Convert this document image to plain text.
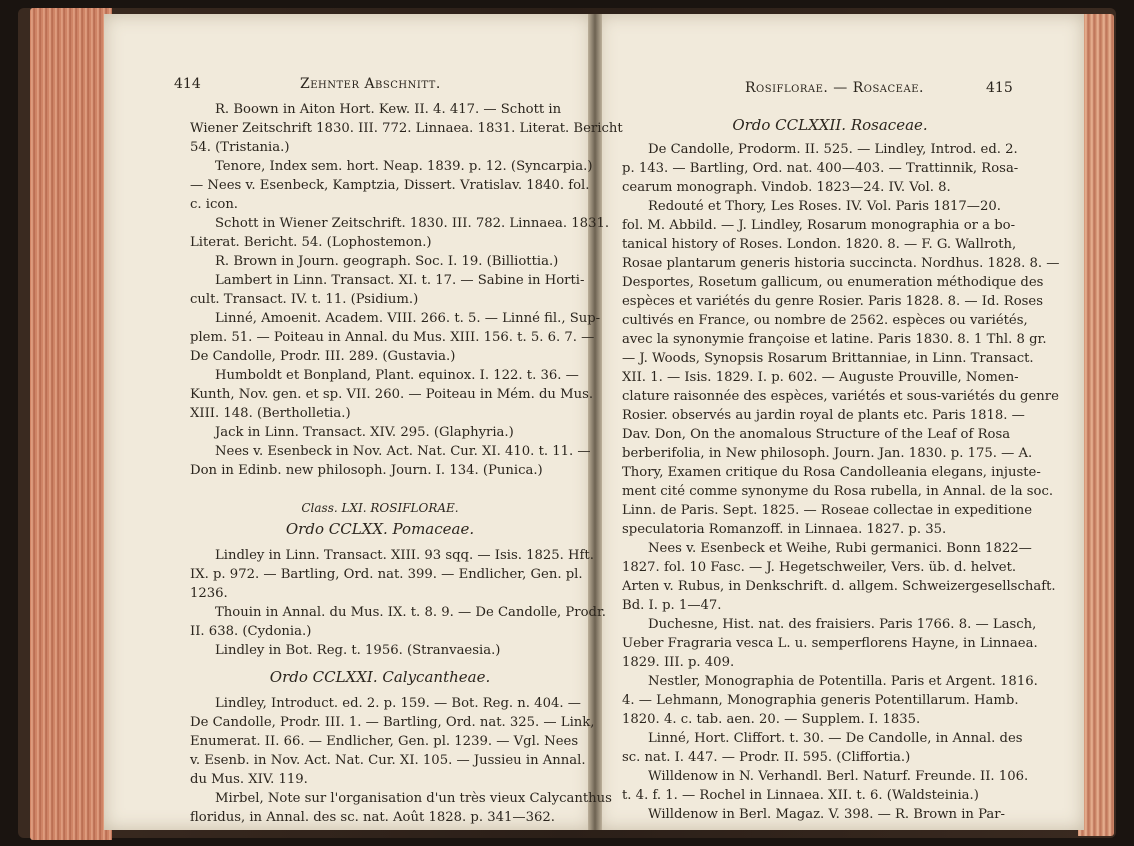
414	Zehnter Abschnitt.
R. Boown in Aiton Hort. Kew. II. 4. 417. — Schott in
Wiener Zeitschrift 1830. III. 772. Linnaea. 1831. Literat. Bericht
54. (Tristania.)
Tenore, Index sem. hort. Neap. 1839. p. 12. (Syncarpia.)
— Nees v. Esenbeck, Kamptzia, Dissert. Vratislav. 1840. fol.
c. icon.
Schott in Wiener Zeitschrift. 1830. III. 782. Linnaea. 1831.
Literat. Bericht. 54. (Lophostemon.)
R. Brown in Journ. geograph. Soc. I. 19. (Billiottia.)
Lambert in Linn. Transact. XI. t. 17. — Sabine in Horti-
cult. Transact. IV. t. 11. (Psidium.)
Linné, Amoenit. Academ. VIII. 266. t. 5. — Linné fil., Sup-
plem. 51. — Poiteau in Annal. du Mus. XIII. 156. t. 5. 6. 7. —
De Candolle, Prodr. III. 289. (Gustavia.)
Humboldt et Bonpland, Plant. equinox. I. 122. t. 36. —
Kunth, Nov. gen. et sp. VII. 260. — Poiteau in Mém. du Mus.
XIII. 148. (Bertholletia.)
Jack in Linn. Transact. XIV. 295. (Glaphyria.)
Nees v. Esenbeck in Nov. Act. Nat. Cur. XI. 410. t. 11. —
Don in Edinb. new philosoph. Journ. I. 134. (Punica.)
Class. LXI. ROSIFLORAE.
Ordo CCLXX. Pomaceae.
Lindley in Linn. Transact. XIII. 93 sqq. — Isis. 1825. Hft.
IX. p. 972. — Bartling, Ord. nat. 399. — Endlicher, Gen. pl.
1236.
Thouin in Annal. du Mus. IX. t. 8. 9. — De Candolle, Prodr.
II. 638. (Cydonia.)
Lindley in Bot. Reg. t. 1956. (Stranvaesia.)
Ordo CCLXXI. Calycantheae.
Lindley, Introduct. ed. 2. p. 159. — Bot. Reg. n. 404. —
De Candolle, Prodr. III. 1. — Bartling, Ord. nat. 325. — Link,
Enumerat. II. 66. — Endlicher, Gen. pl. 1239. — Vgl. Nees
v. Esenb. in Nov. Act. Nat. Cur. XI. 105. — Jussieu in Annal.
du Mus. XIV. 119.
Mirbel, Note sur l'organisation d'un très vieux Calycanthus
floridus, in Annal. des sc. nat. Août 1828. p. 341—362.
Rosiflorae. — Rosaceae.	415
Ordo CCLXXII. Rosaceae.
De Candolle, Prodorm. II. 525. — Lindley, Introd. ed. 2.
p. 143. — Bartling, Ord. nat. 400—403. — Trattinnik, Rosa-
cearum monograph. Vindob. 1823—24. IV. Vol. 8.
Redouté et Thory, Les Roses. IV. Vol. Paris 1817—20.
fol. M. Abbild. — J. Lindley, Rosarum monographia or a bo-
tanical history of Roses. London. 1820. 8. — F. G. Wallroth,
Rosae plantarum generis historia succincta. Nordhus. 1828. 8. —
Desportes, Rosetum gallicum, ou enumeration méthodique des
espèces et variétés du genre Rosier. Paris 1828. 8. — Id. Roses
cultivés en France, ou nombre de 2562. espèces ou variétés,
avec la synonymie françoise et latine. Paris 1830. 8. 1 Thl. 8 gr.
— J. Woods, Synopsis Rosarum Brittanniae, in Linn. Transact.
XII. 1. — Isis. 1829. I. p. 602. — Auguste Prouville, Nomen-
clature raisonnée des espèces, variétés et sous-variétés du genre
Rosier. observés au jardin royal de plants etc. Paris 1818. —
Dav. Don, On the anomalous Structure of the Leaf of Rosa
berberifolia, in New philosoph. Journ. Jan. 1830. p. 175. — A.
Thory, Examen critique du Rosa Candolleania elegans, injuste-
ment cité comme synonyme du Rosa rubella, in Annal. de la soc.
Linn. de Paris. Sept. 1825. — Roseae collectae in expeditione
speculatoria Romanzoff. in Linnaea. 1827. p. 35.
Nees v. Esenbeck et Weihe, Rubi germanici. Bonn 1822—
1827. fol. 10 Fasc. — J. Hegetschweiler, Vers. üb. d. helvet.
Arten v. Rubus, in Denkschrift. d. allgem. Schweizergesellschaft.
Bd. I. p. 1—47.
Duchesne, Hist. nat. des fraisiers. Paris 1766. 8. — Lasch,
Ueber Fragraria vesca L. u. semperflorens Hayne, in Linnaea.
1829. III. p. 409.
Nestler, Monographia de Potentilla. Paris et Argent. 1816.
4. — Lehmann, Monographia generis Potentillarum. Hamb.
1820. 4. c. tab. aen. 20. — Supplem. I. 1835.
Linné, Hort. Cliffort. t. 30. — De Candolle, in Annal. des
sc. nat. I. 447. — Prodr. II. 595. (Cliffortia.)
Willdenow in N. Verhandl. Berl. Naturf. Freunde. II. 106.
t. 4. f. 1. — Rochel in Linnaea. XII. t. 6. (Waldsteinia.)
Willdenow in Berl. Magaz. V. 398. — R. Brown in Par-
